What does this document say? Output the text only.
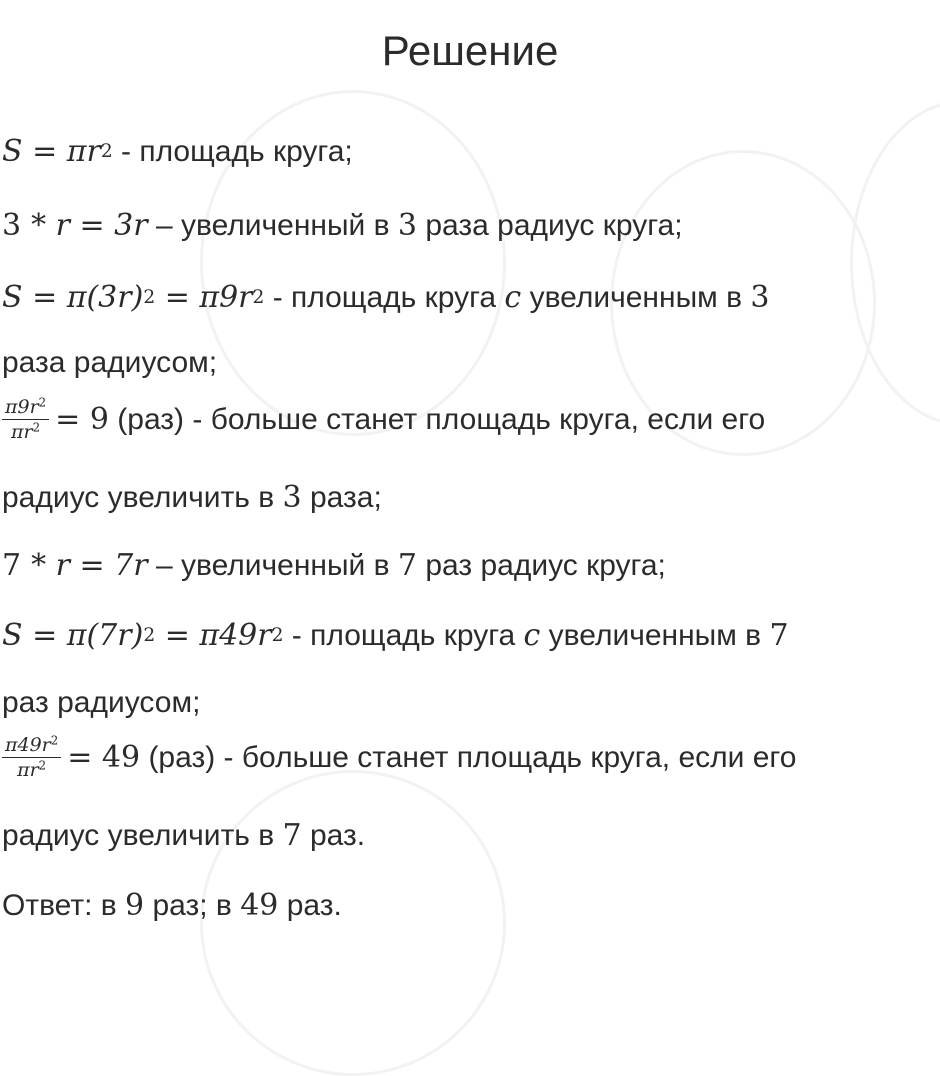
Решение
S = πr 2 - площадь круга;
3 * r = 3r – увеличенный в 3 раза радиус круга;
S = π(3r) 2 = π9r 2 - площадь круга c увеличенным в 3
раза радиусом;
$\frac{\pi 9r^2}{\pi r^2} = 9$ (раз) - больше станет площадь круга, если его
радиус увеличить в 3 раза;
7 * r = 7r – увеличенный в 7 раз радиус круга;
S = π(7r) 2 = π49r 2 - площадь круга c увеличенным в 7
раз радиусом;
$\frac{\pi 49r^2}{\pi r^2} = 49$ (раз) - больше станет площадь круга, если его
радиус увеличить в 7 раз.
Ответ: в 9 раз; в 49 раз.
